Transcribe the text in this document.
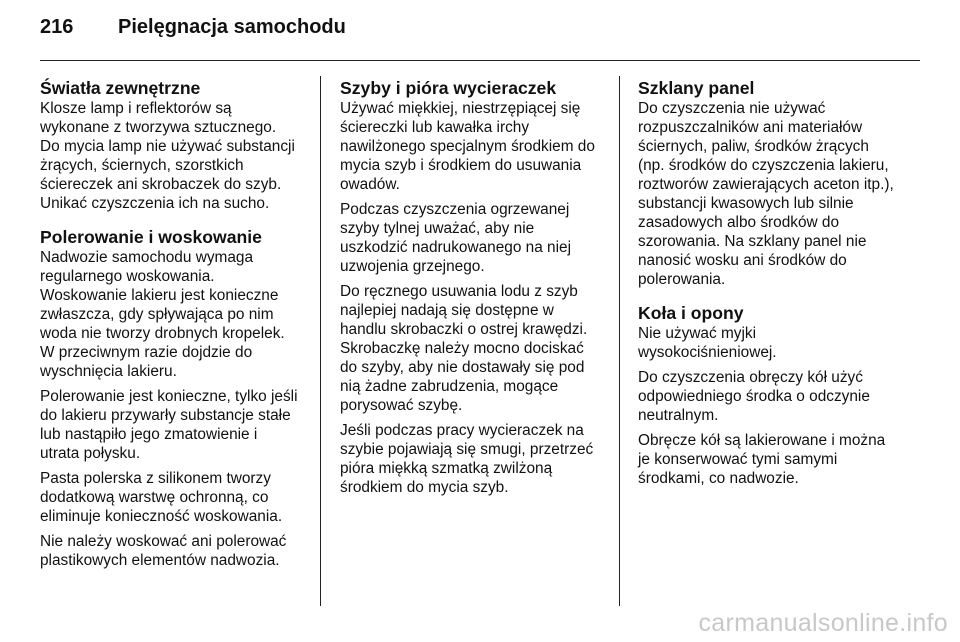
216	Pielęgnacja samochodu
Światła zewnętrzne
Klosze lamp i reflektorów są
wykonane z tworzywa sztucznego.
Do mycia lamp nie używać substancji
żrących, ściernych, szorstkich
ściereczek ani skrobaczek do szyb.
Unikać czyszczenia ich na sucho.
Polerowanie i woskowanie
Nadwozie samochodu wymaga
regularnego woskowania.
Woskowanie lakieru jest konieczne
zwłaszcza, gdy spływająca po nim
woda nie tworzy drobnych kropelek.
W przeciwnym razie dojdzie do
wyschnięcia lakieru.
Polerowanie jest konieczne, tylko jeśli
do lakieru przywarły substancje stałe
lub nastąpiło jego zmatowienie i
utrata połysku.
Pasta polerska z silikonem tworzy
dodatkową warstwę ochronną, co
eliminuje konieczność woskowania.
Nie należy woskować ani polerować
plastikowych elementów nadwozia.
Szyby i pióra wycieraczek
Używać miękkiej, niestrzępiącej się
ściereczki lub kawałka irchy
nawilżonego specjalnym środkiem do
mycia szyb i środkiem do usuwania
owadów.
Podczas czyszczenia ogrzewanej
szyby tylnej uważać, aby nie
uszkodzić nadrukowanego na niej
uzwojenia grzejnego.
Do ręcznego usuwania lodu z szyb
najlepiej nadają się dostępne w
handlu skrobaczki o ostrej krawędzi.
Skrobaczkę należy mocno dociskać
do szyby, aby nie dostawały się pod
nią żadne zabrudzenia, mogące
porysować szybę.
Jeśli podczas pracy wycieraczek na
szybie pojawiają się smugi, przetrzeć
pióra miękką szmatką zwilżoną
środkiem do mycia szyb.
Szklany panel
Do czyszczenia nie używać
rozpuszczalników ani materiałów
ściernych, paliw, środków żrących
(np. środków do czyszczenia lakieru,
roztworów zawierających aceton itp.),
substancji kwasowych lub silnie
zasadowych albo środków do
szorowania. Na szklany panel nie
nanosić wosku ani środków do
polerowania.
Koła i opony
Nie używać myjki
wysokociśnieniowej.
Do czyszczenia obręczy kół użyć
odpowiedniego środka o odczynie
neutralnym.
Obręcze kół są lakierowane i można
je konserwować tymi samymi
środkami, co nadwozie.
carmanualsonline.info
